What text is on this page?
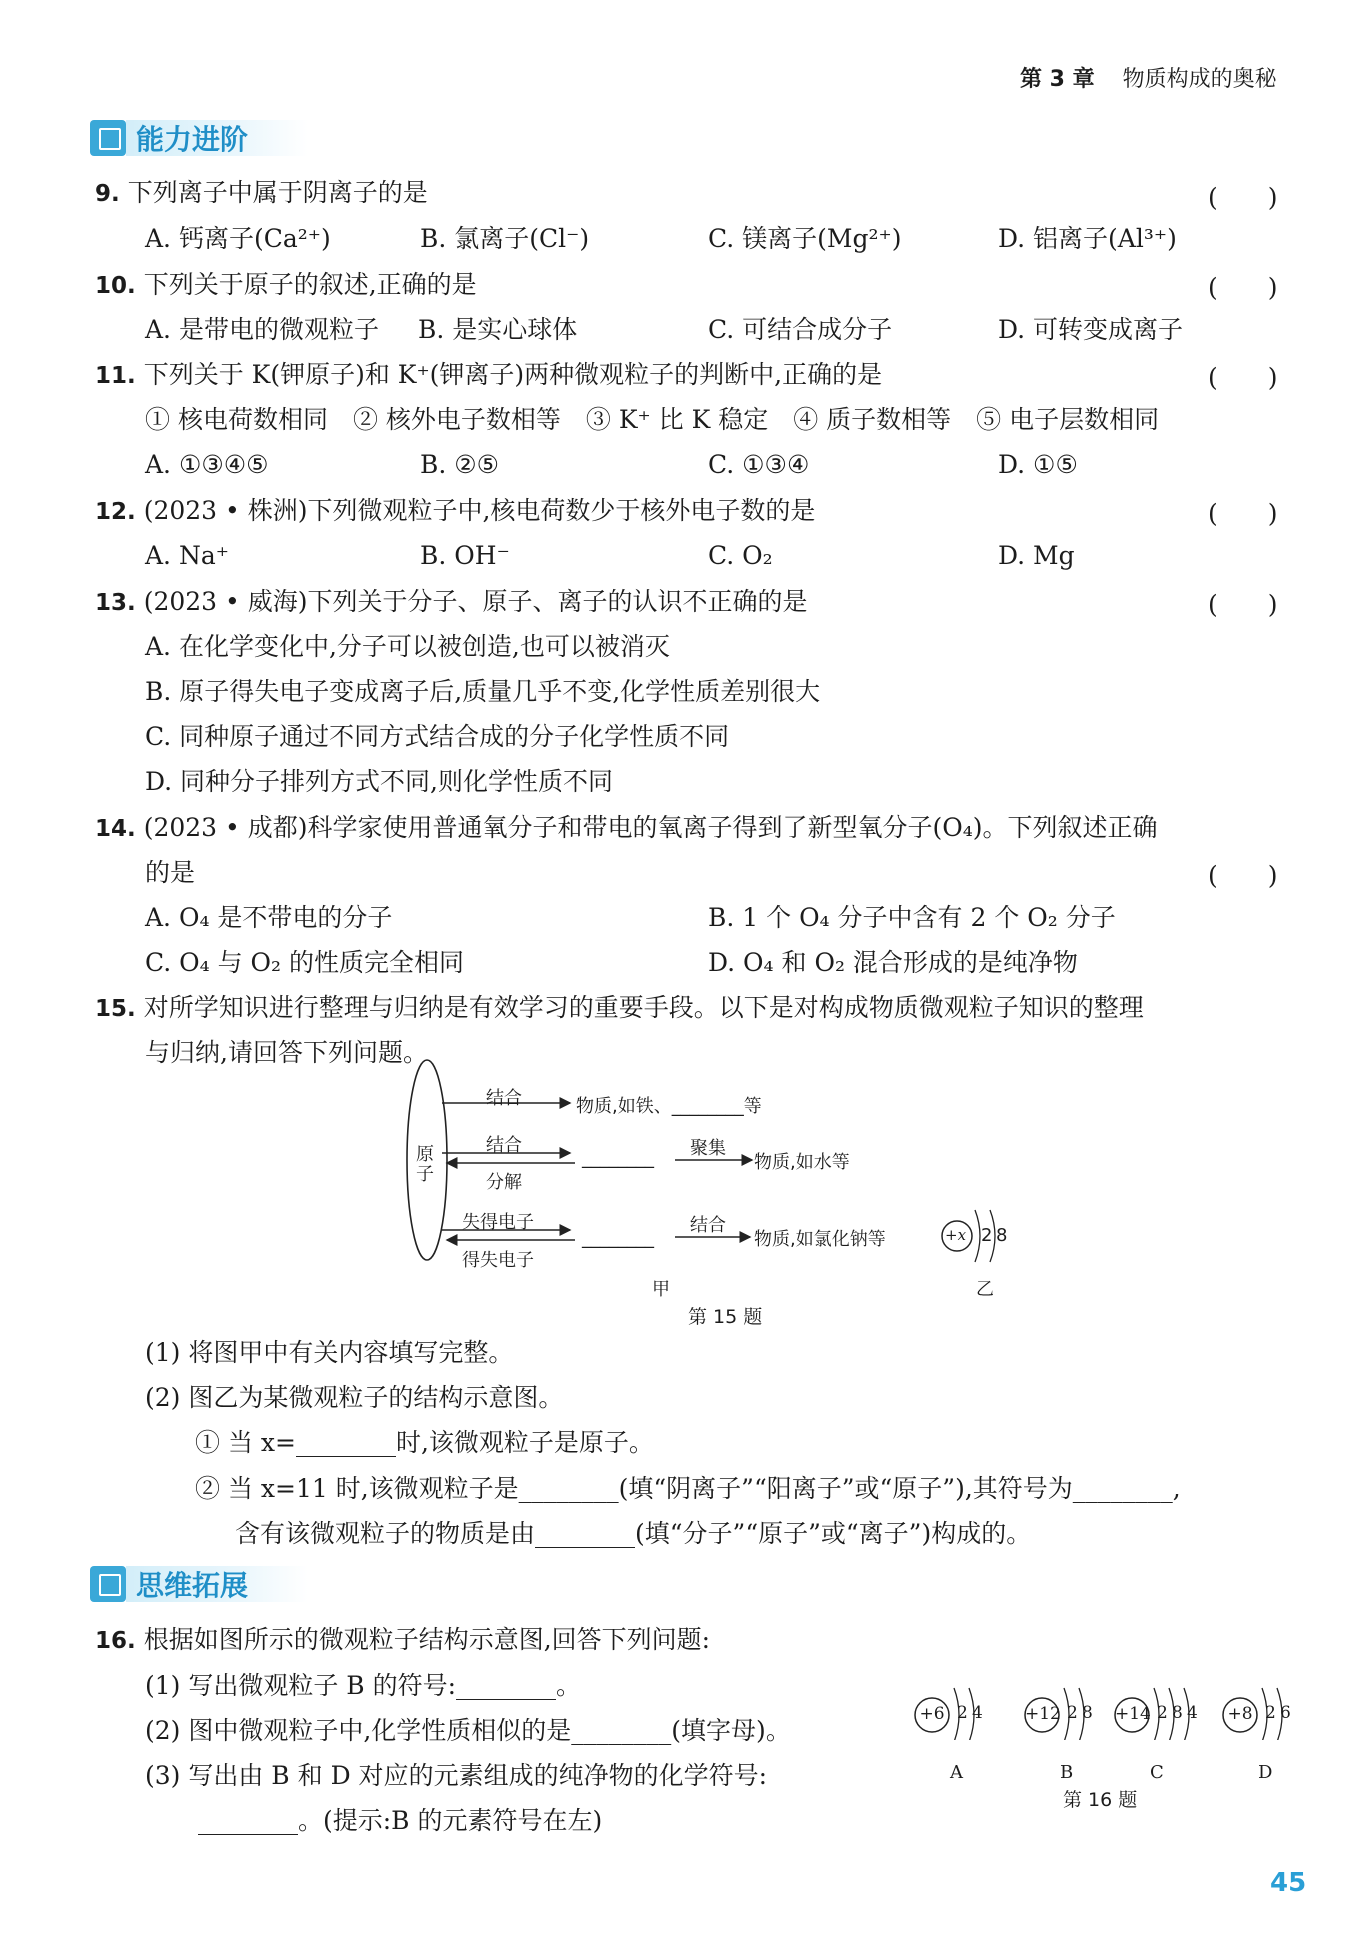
第 3 章 物质构成的奥秘
能力进阶
9. 下列离子中属于阴离子的是	(　　)
A. 钙离子(Ca²⁺)	B. 氯离子(Cl⁻)	C. 镁离子(Mg²⁺)	D. 铝离子(Al³⁺)
10. 下列关于原子的叙述,正确的是	(　　)
A. 是带电的微观粒子 B. 是实心球体	C. 可结合成分子	D. 可转变成离子
11. 下列关于 K(钾原子)和 K⁺(钾离子)两种微观粒子的判断中,正确的是	(　　)
① 核电荷数相同　② 核外电子数相等　③ K⁺ 比 K 稳定　④ 质子数相等　⑤ 电子层数相同
A. ①③④⑤	B. ②⑤	C. ①③④	D. ①⑤
12. (2023 • 株洲)下列微观粒子中,核电荷数少于核外电子数的是	(　　)
A. Na⁺	B. OH⁻	C. O₂	D. Mg
13. (2023 • 威海)下列关于分子、原子、离子的认识不正确的是	(　　)
A. 在化学变化中,分子可以被创造,也可以被消灭
B. 原子得失电子变成离子后,质量几乎不变,化学性质差别很大
C. 同种原子通过不同方式结合成的分子化学性质不同
D. 同种分子排列方式不同,则化学性质不同
14. (2023 • 成都)科学家使用普通氧分子和带电的氧离子得到了新型氧分子(O₄)。下列叙述正确
的是	(　　)
A. O₄ 是不带电的分子	B. 1 个 O₄ 分子中含有 2 个 O₂ 分子
C. O₄ 与 O₂ 的性质完全相同	D. O₄ 和 O₂ 混合形成的是纯净物
15. 对所学知识进行整理与归纳是有效学习的重要手段。以下是对构成物质微观粒子知识的整理
与归纳,请回答下列问题。
原子
结合	物质,如铁、________等
结合
分解
________ 聚集
物质,如水等
失得电子
得失电子
________
结合
物质,如氯化钠等
甲
+x 2 8
乙
第 15 题
(1) 将图甲中有关内容填写完整。
(2) 图乙为某微观粒子的结构示意图。
① 当 x=________时,该微观粒子是原子。
② 当 x=11 时,该微观粒子是________(填“阴离子”“阳离子”或“原子”),其符号为________,
含有该微观粒子的物质是由________(填“分子”“原子”或“离子”)构成的。
思维拓展
16. 根据如图所示的微观粒子结构示意图,回答下列问题:
(1) 写出微观粒子 B 的符号:________。
(2) 图中微观粒子中,化学性质相似的是________(填字母)。
(3) 写出由 B 和 D 对应的元素组成的纯净物的化学符号:
________。(提示:B 的元素符号在左)
+6 2 4
A
+12 2 8
B
+14 2 8 4
C
+8 2 6
D
第 16 题
45
